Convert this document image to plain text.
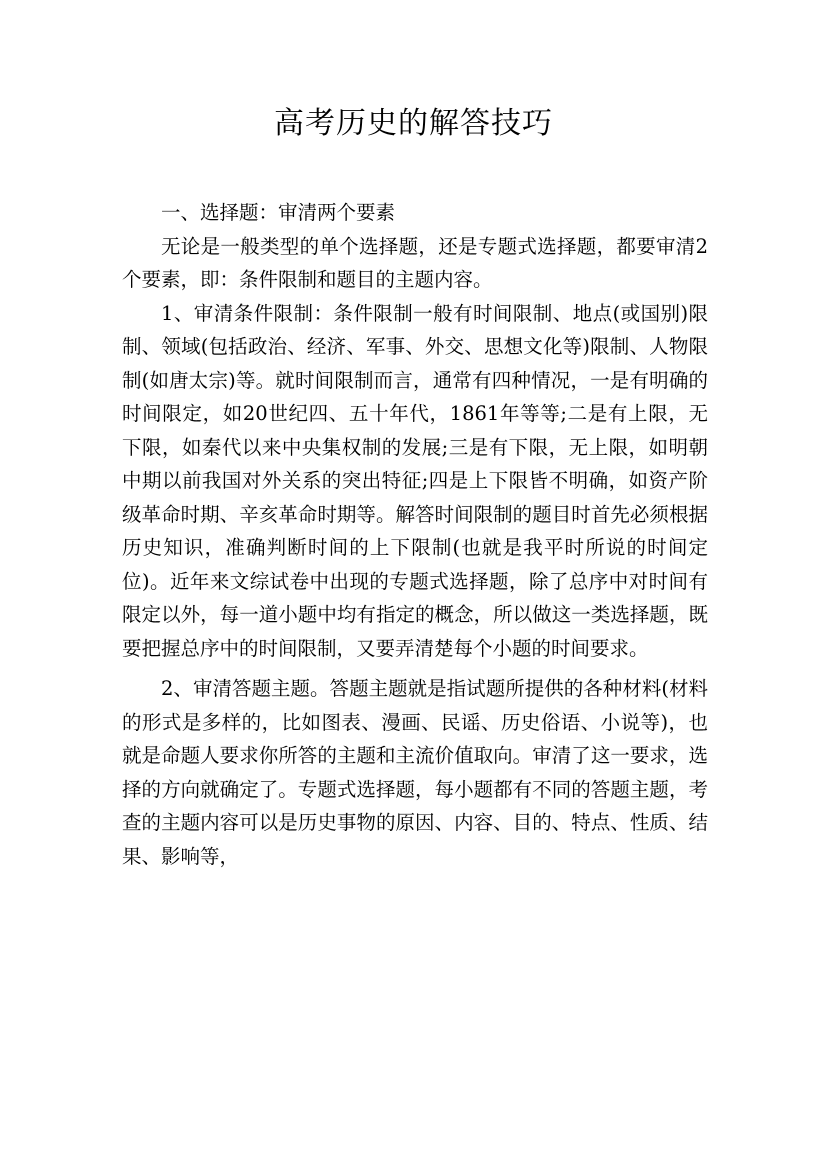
高考历史的解答技巧

一、选择题：审清两个要素

无论是一般类型的单个选择题，还是专题式选择题，都要审清2个要素，即：条件限制和题目的主题内容。

1、审清条件限制：条件限制一般有时间限制、地点(或国别)限制、领域(包括政治、经济、军事、外交、思想文化等)限制、人物限制(如唐太宗)等。就时间限制而言，通常有四种情况，一是有明确的时间限定，如20世纪四、五十年代，1861年等等;二是有上限，无下限，如秦代以来中央集权制的发展;三是有下限，无上限，如明朝中期以前我国对外关系的突出特征;四是上下限皆不明确，如资产阶级革命时期、辛亥革命时期等。解答时间限制的题目时首先必须根据历史知识，准确判断时间的上下限制(也就是我平时所说的时间定位)。近年来文综试卷中出现的专题式选择题，除了总序中对时间有限定以外，每一道小题中均有指定的概念，所以做这一类选择题，既要把握总序中的时间限制，又要弄清楚每个小题的时间要求。

2、审清答题主题。答题主题就是指试题所提供的各种材料(材料的形式是多样的，比如图表、漫画、民谣、历史俗语、小说等)，也就是命题人要求你所答的主题和主流价值取向。审清了这一要求，选择的方向就确定了。专题式选择题，每小题都有不同的答题主题，考查的主题内容可以是历史事物的原因、内容、目的、特点、性质、结果、影响等，
